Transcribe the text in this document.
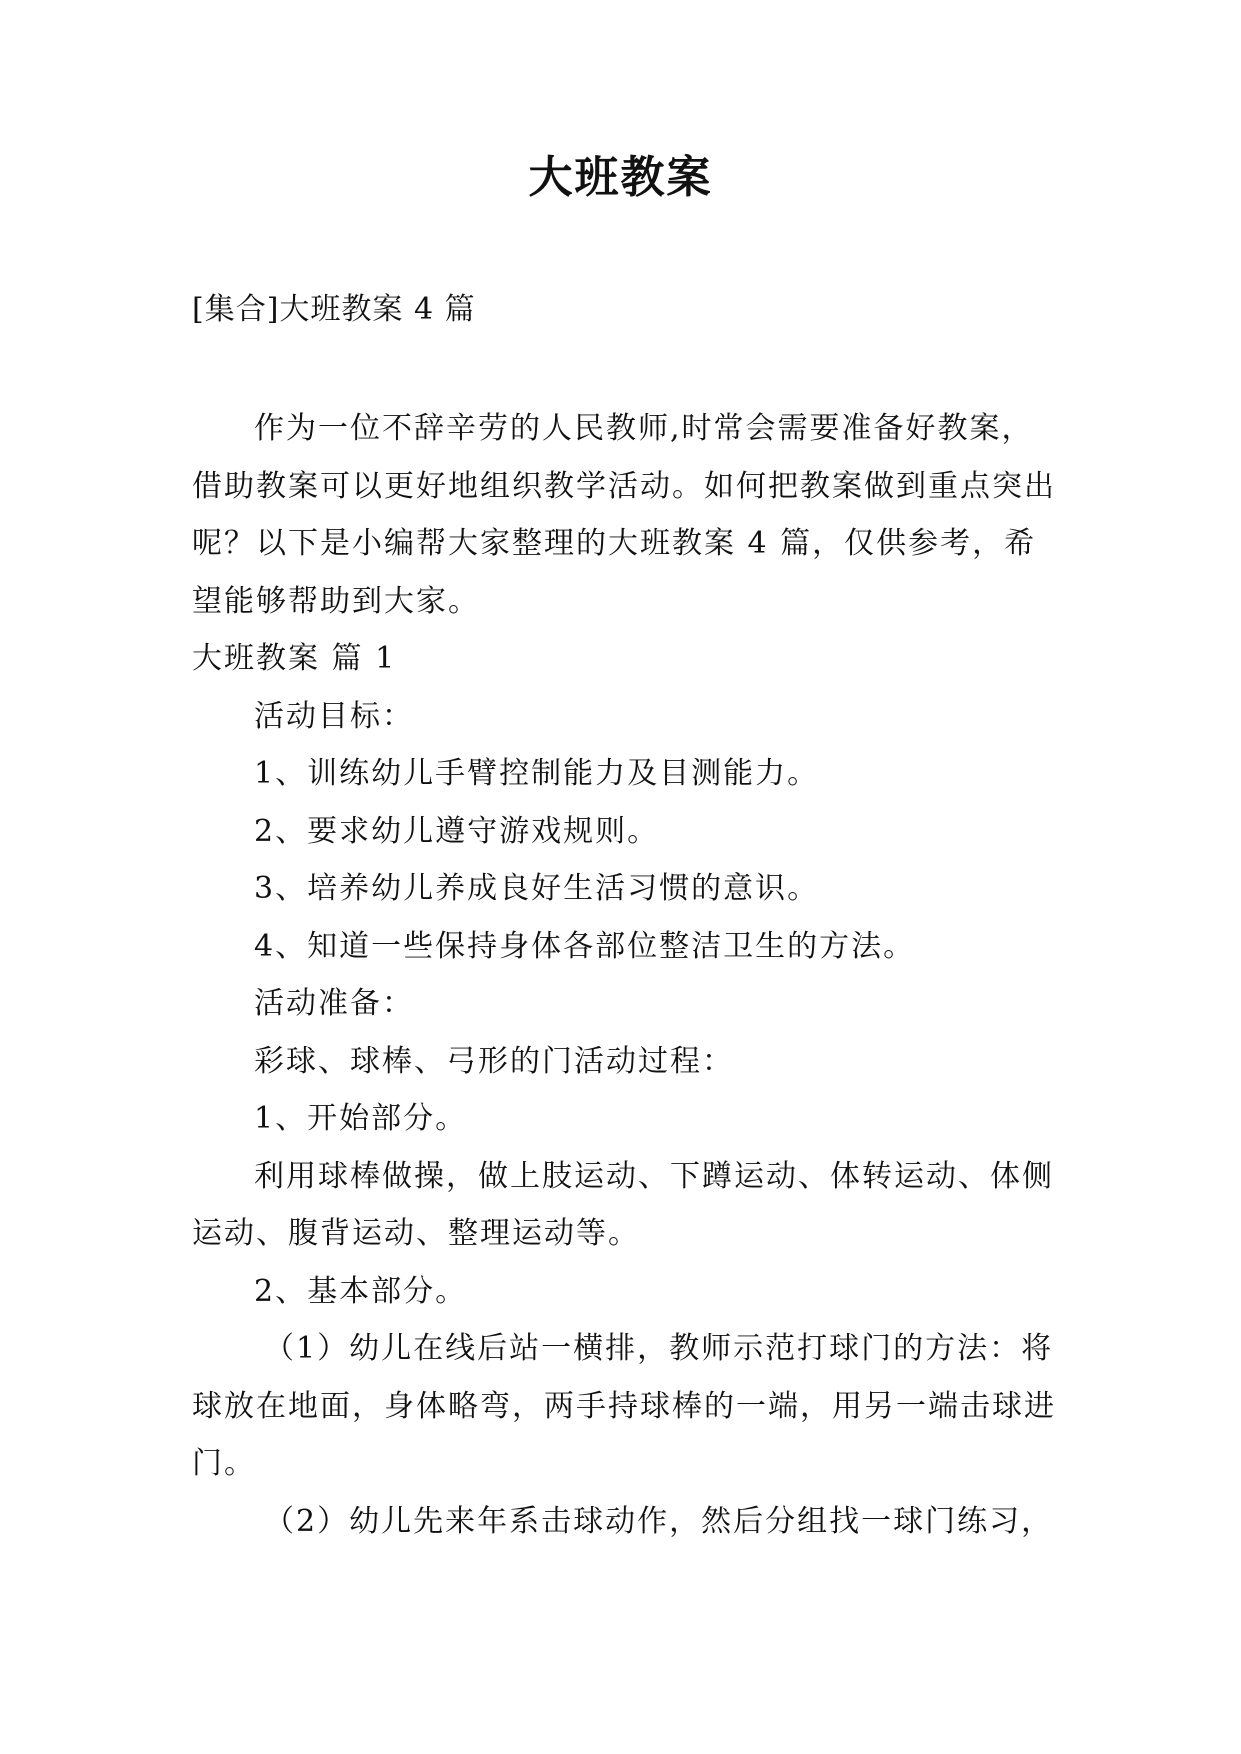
大班教案
[集合]大班教案 4 篇

作为一位不辞辛劳的人民教师,时常会需要准备好教案，借助教案可以更好地组织教学活动。如何把教案做到重点突出呢？以下是小编帮大家整理的大班教案 4 篇，仅供参考，希望能够帮助到大家。

大班教案 篇 1

活动目标：

1、训练幼儿手臂控制能力及目测能力。

2、要求幼儿遵守游戏规则。

3、培养幼儿养成良好生活习惯的意识。

4、知道一些保持身体各部位整洁卫生的方法。

活动准备：

彩球、球棒、弓形的门活动过程：

1、开始部分。

利用球棒做操，做上肢运动、下蹲运动、体转运动、体侧运动、腹背运动、整理运动等。

2、基本部分。

（1）幼儿在线后站一横排，教师示范打球门的方法：将球放在地面，身体略弯，两手持球棒的一端，用另一端击球进门。

（2）幼儿先来年系击球动作，然后分组找一球门练习，
